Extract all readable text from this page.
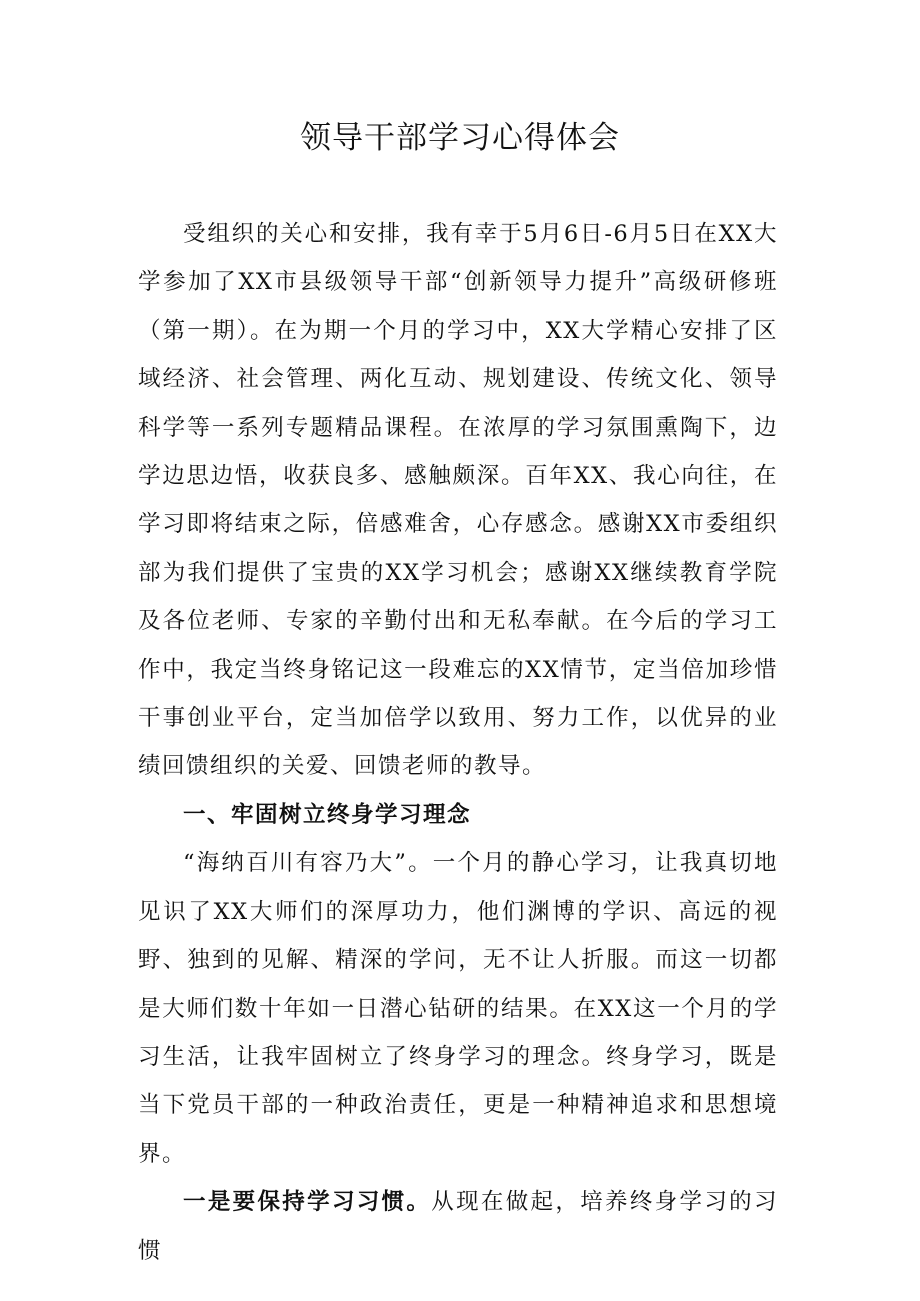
领导干部学习心得体会

受组织的关心和安排，我有幸于5月6日-6月5日在XX大学参加了XX市县级领导干部“创新领导力提升”高级研修班（第一期）。在为期一个月的学习中，XX大学精心安排了区域经济、社会管理、两化互动、规划建设、传统文化、领导科学等一系列专题精品课程。在浓厚的学习氛围熏陶下，边学边思边悟，收获良多、感触颇深。百年XX、我心向往，在学习即将结束之际，倍感难舍，心存感念。感谢XX市委组织部为我们提供了宝贵的XX学习机会；感谢XX继续教育学院及各位老师、专家的辛勤付出和无私奉献。在今后的学习工作中，我定当终身铭记这一段难忘的XX情节，定当倍加珍惜干事创业平台，定当加倍学以致用、努力工作，以优异的业绩回馈组织的关爱、回馈老师的教导。

一、牢固树立终身学习理念

“海纳百川有容乃大”。一个月的静心学习，让我真切地见识了XX大师们的深厚功力，他们渊博的学识、高远的视野、独到的见解、精深的学问，无不让人折服。而这一切都是大师们数十年如一日潜心钻研的结果。在XX这一个月的学习生活，让我牢固树立了终身学习的理念。终身学习，既是当下党员干部的一种政治责任，更是一种精神追求和思想境界。

一是要保持学习习惯。从现在做起，培养终身学习的习惯
